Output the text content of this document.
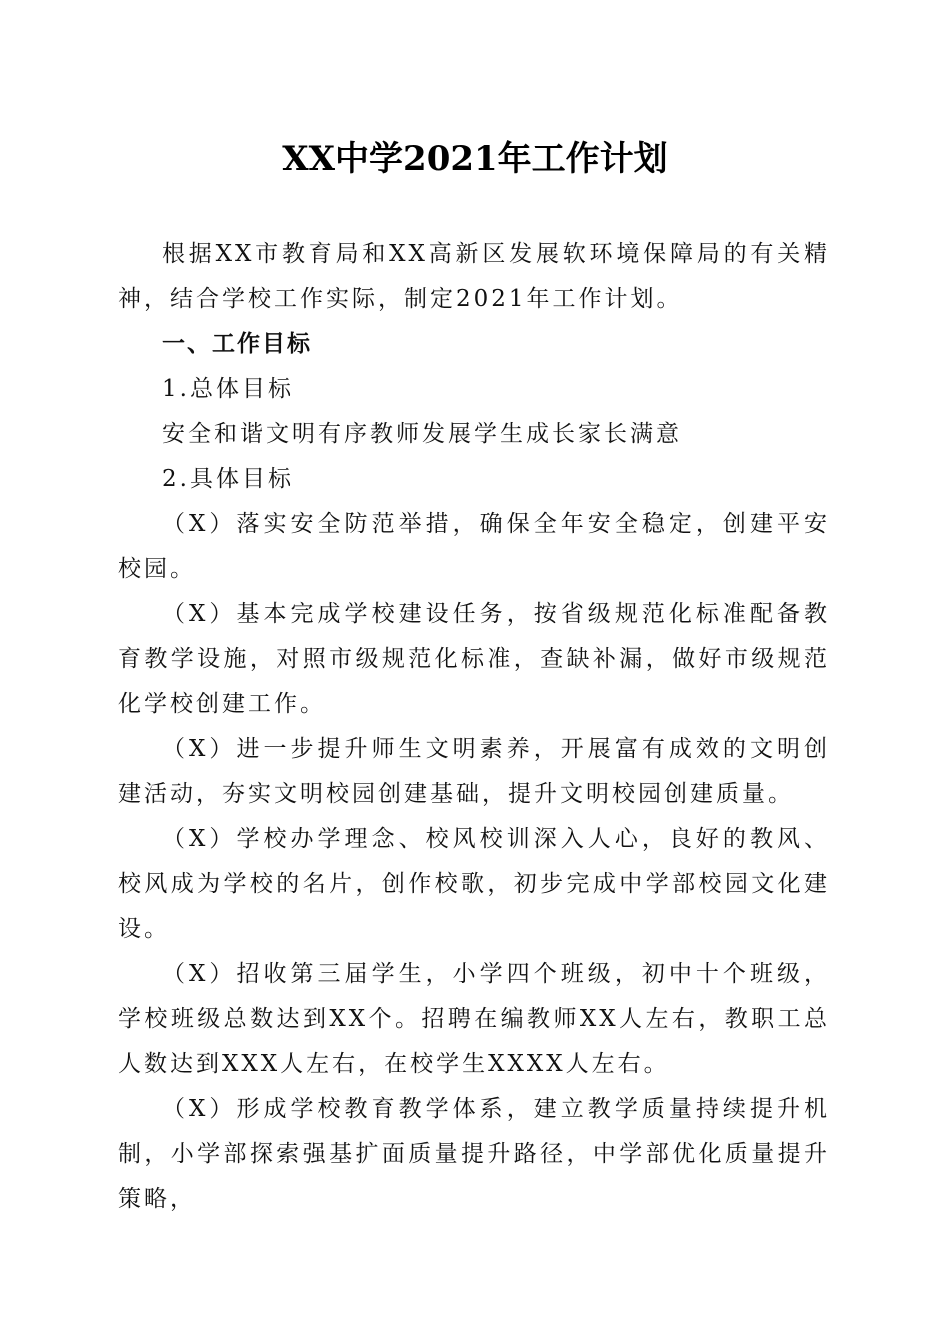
XX中学2021年工作计划

根据XX市教育局和XX高新区发展软环境保障局的有关精神，结合学校工作实际，制定2021年工作计划。

一、工作目标

1.总体目标

安全和谐文明有序教师发展学生成长家长满意

2.具体目标

（X）落实安全防范举措，确保全年安全稳定，创建平安校园。

（X）基本完成学校建设任务，按省级规范化标准配备教育教学设施，对照市级规范化标准，查缺补漏，做好市级规范化学校创建工作。

（X）进一步提升师生文明素养，开展富有成效的文明创建活动，夯实文明校园创建基础，提升文明校园创建质量。

（X）学校办学理念、校风校训深入人心，良好的教风、校风成为学校的名片，创作校歌，初步完成中学部校园文化建设。

（X）招收第三届学生，小学四个班级，初中十个班级，学校班级总数达到XX个。招聘在编教师XX人左右，教职工总人数达到XXX人左右，在校学生XXXX人左右。

（X）形成学校教育教学体系，建立教学质量持续提升机制，小学部探索强基扩面质量提升路径，中学部优化质量提升策略，
